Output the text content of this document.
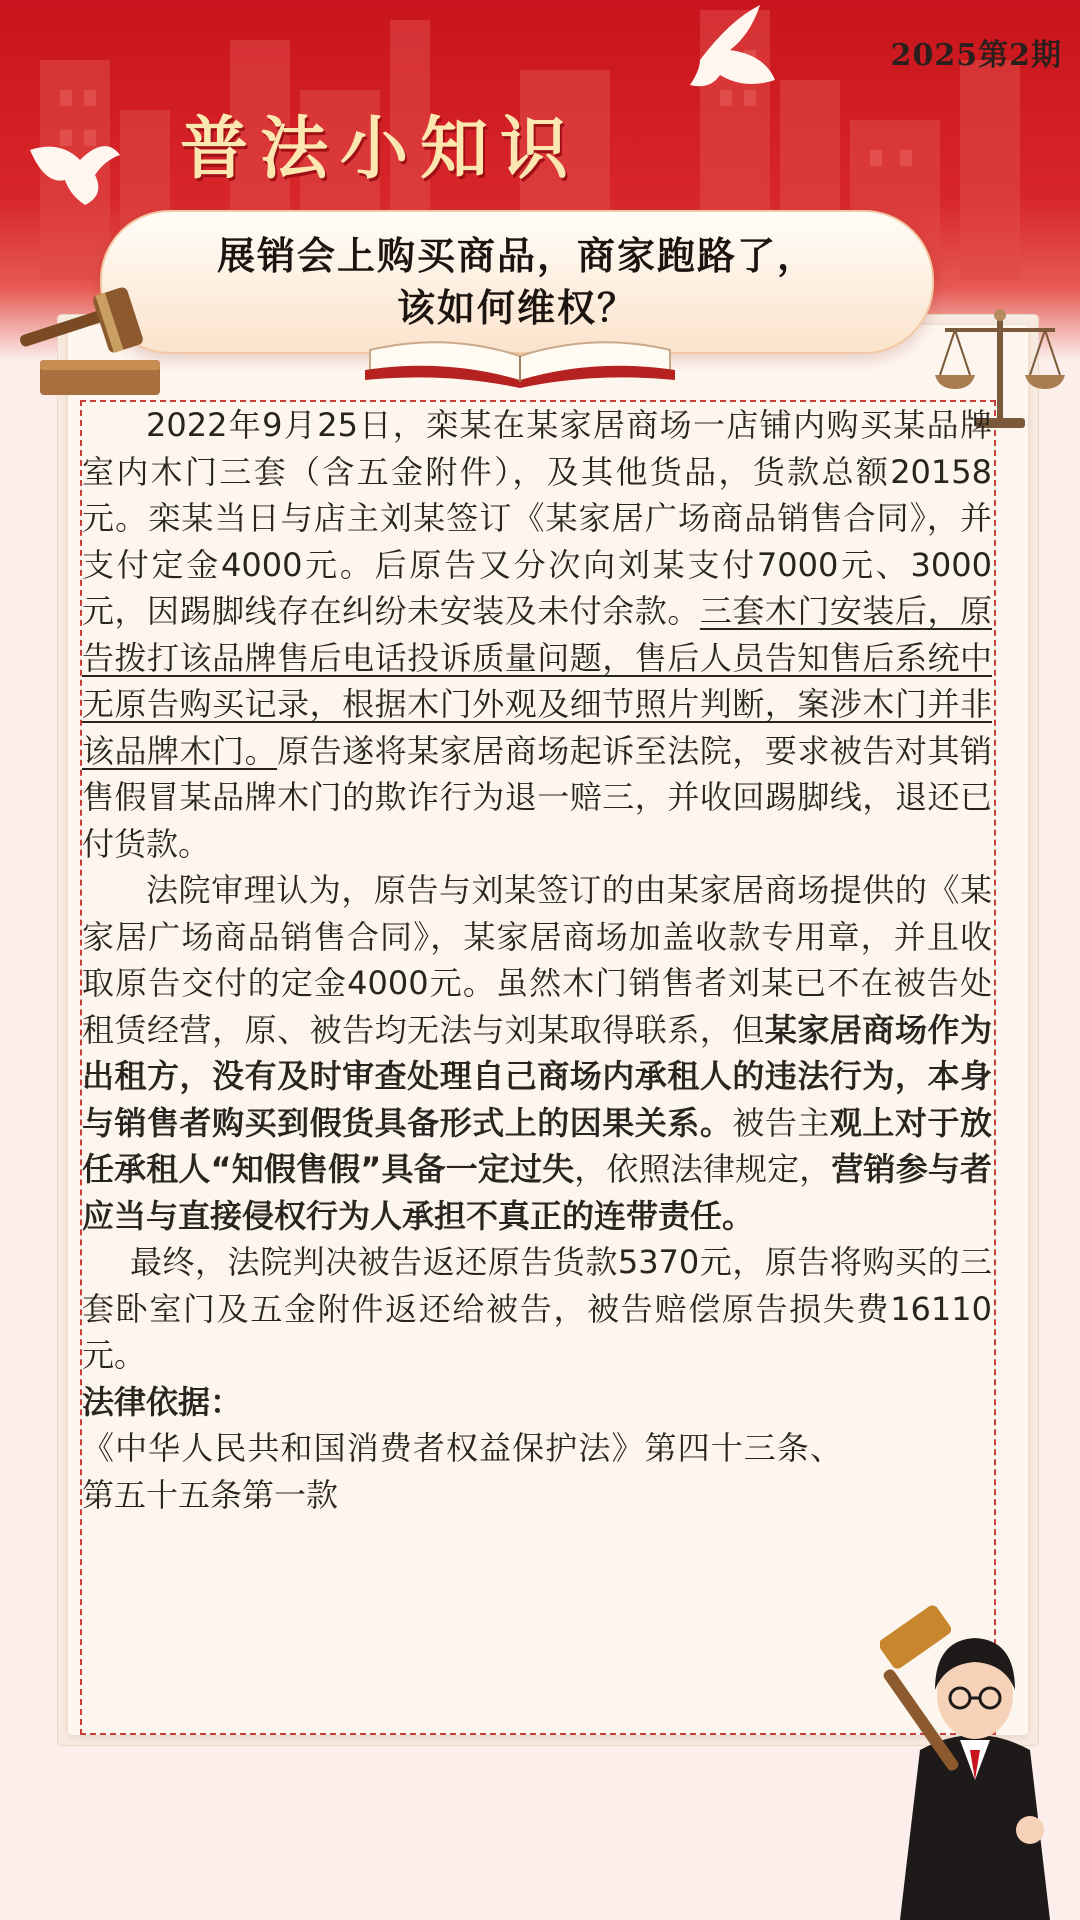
2025第2期
普法小知识
展销会上购买商品，商家跑路了，
该如何维权？

2022年9月25日，栾某在某家居商场一店铺内购买某品牌室内木门三套（含五金附件），及其他货品，货款总额20158元。栾某当日与店主刘某签订《某家居广场商品销售合同》，并支付定金4000元。后原告又分次向刘某支付7000元、3000元，因踢脚线存在纠纷未安装及未付余款。三套木门安装后，原告拨打该品牌售后电话投诉质量问题，售后人员告知售后系统中无原告购买记录，根据木门外观及细节照片判断，案涉木门并非该品牌木门。原告遂将某家居商场起诉至法院，要求被告对其销售假冒某品牌木门的欺诈行为退一赔三，并收回踢脚线，退还已付货款。

法院审理认为，原告与刘某签订的由某家居商场提供的《某家居广场商品销售合同》，某家居商场加盖收款专用章，并且收取原告交付的定金4000元。虽然木门销售者刘某已不在被告处租赁经营，原、被告均无法与刘某取得联系，但某家居商场作为出租方，没有及时审查处理自己商场内承租人的违法行为，本身与销售者购买到假货具备形式上的因果关系。被告主观上对于放任承租人“知假售假”具备一定过失，依照法律规定，营销参与者应当与直接侵权行为人承担不真正的连带责任。

最终，法院判决被告返还原告货款5370元，原告将购买的三套卧室门及五金附件返还给被告，被告赔偿原告损失费16110元。

法律依据：

《中华人民共和国消费者权益保护法》第四十三条、第五十五条第一款
